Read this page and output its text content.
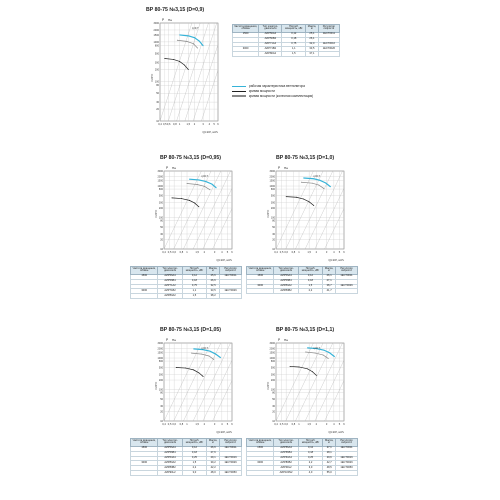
ВР 80-75 №3,15 (D=0,9)
0,4 0,5 0,6 0,8 1 1,5 2	3 4 5 6
10
20
30
50
80
100
200
300
500
800
1000
1500
2000
3000
P Па
Q×10³, м³/ч
t=20°C
η=0,7
Частота вращения, об/мин	Тип электро-двигателя	Потреб. мощность, кВт	Масса, кг	Регулятор скорости
1500	АИР56А4	0,12	25,1	1ЕСТ0011
	АИР56В4	0,18	26,1	
	АИР71А4	0,75	32,0	1ЕСТ0016
3000	АИР71В2	1,1	33,5	1ЕСТ0026
	АИР80А2	1,5	37,1	
рабочая характеристика вентилятора
кривая мощности
кривая мощности (колесная комплектация)
ВР 80-75 №3,15 (D=0,95)
0,4 0,5 0,6 0,8 1	1,5 2	3 4 5 6
10
20
30
50
80
100
200
300
500
800
1000
1500
2000
3000
P Па
Q×10³, м³/ч
t=20°C
η=0,7
Частота вращения, об/мин	Тип электро-двигателя	Потреб. мощность, кВт	Масса, кг	Регулятор скорости
1500	АИР56А4	0,12	25,6	1ЕСТ0011
	АИР56В4	0,18	26,6	
	АИР71А2	0,75	32,5	
3000	АИР71В2	1,1	33,5	1ЕСТ0026
	АИР80А2	1,5	38,2	
ВР 80-75 №3,15 (D=1,0)
0,4 0,5 0,6 0,8 1	1,5 2	3 4 5 6
10
20
30
50
80
100
200
300
500
800
1000
1500
2000
3000
P Па
Q×10³, м³/ч
t=20°C
η=0,7
Частота вращения, об/мин	Тип электро-двигателя	Потреб. мощность, кВт	Масса, кг	Регулятор скорости
1500	АИР56А4	0,12	26,1	1ЕСТ0011
	АИР56В4	0,18	27,1	
3000	АИР80А2	1,5	38,7	1ЕСТ0026
	АИР80В2	2,2	41,7	
ВР 80-75 №3,15 (D=1,05)
0,4 0,5 0,6 0,8 1	1,5 2	3 4 5 6
10
20
30
50
80
100
200
300
500
800
1000
1500
2000
3000
P Па
Q×10³, м³/ч
t=20°C
η=0,7
Частота вращения, об/мин	Тип электро-двигателя	Потреб. мощность, кВт	Масса, кг	Регулятор скорости
1500	АИР56А4	0,12	26,6	1ЕСТ0011
	АИР56В4	0,18	27,6	
	АИР63А4	0,25	29,1	1ЕСТ0016
3000	АИР80А2	1,5	39,2	1ЕСТ0026
	АИР80В2	2,2	42,2	
	АИР90L2	3,0	48,0	1ЕСТ0050
ВР 80-75 №3,15 (D=1,1)
0,4 0,5 0,6 0,8 1	1,5 2	3 4 5 6
10
20
30
50
80
100
200
300
500
800
1000
1500
2000
3000
P Па
Q×10³, м³/ч
t=20°C
η=0,7
Частота вращения, об/мин	Тип электро-двигателя	Потреб. мощность, кВт	Масса, кг	Регулятор скорости
1500	АИР56А4	0,12	27,1	1ЕСТ0011
	АИР56В4	0,18	28,1	
	АИР63А4	0,25	29,6	1ЕСТ0016
3000	АИР80В2	2,2	42,7	1ЕСТ0026
	АИР90L2	3,0	48,5	1ЕСТ0050
	АИР100S2	4,0	55,0	
